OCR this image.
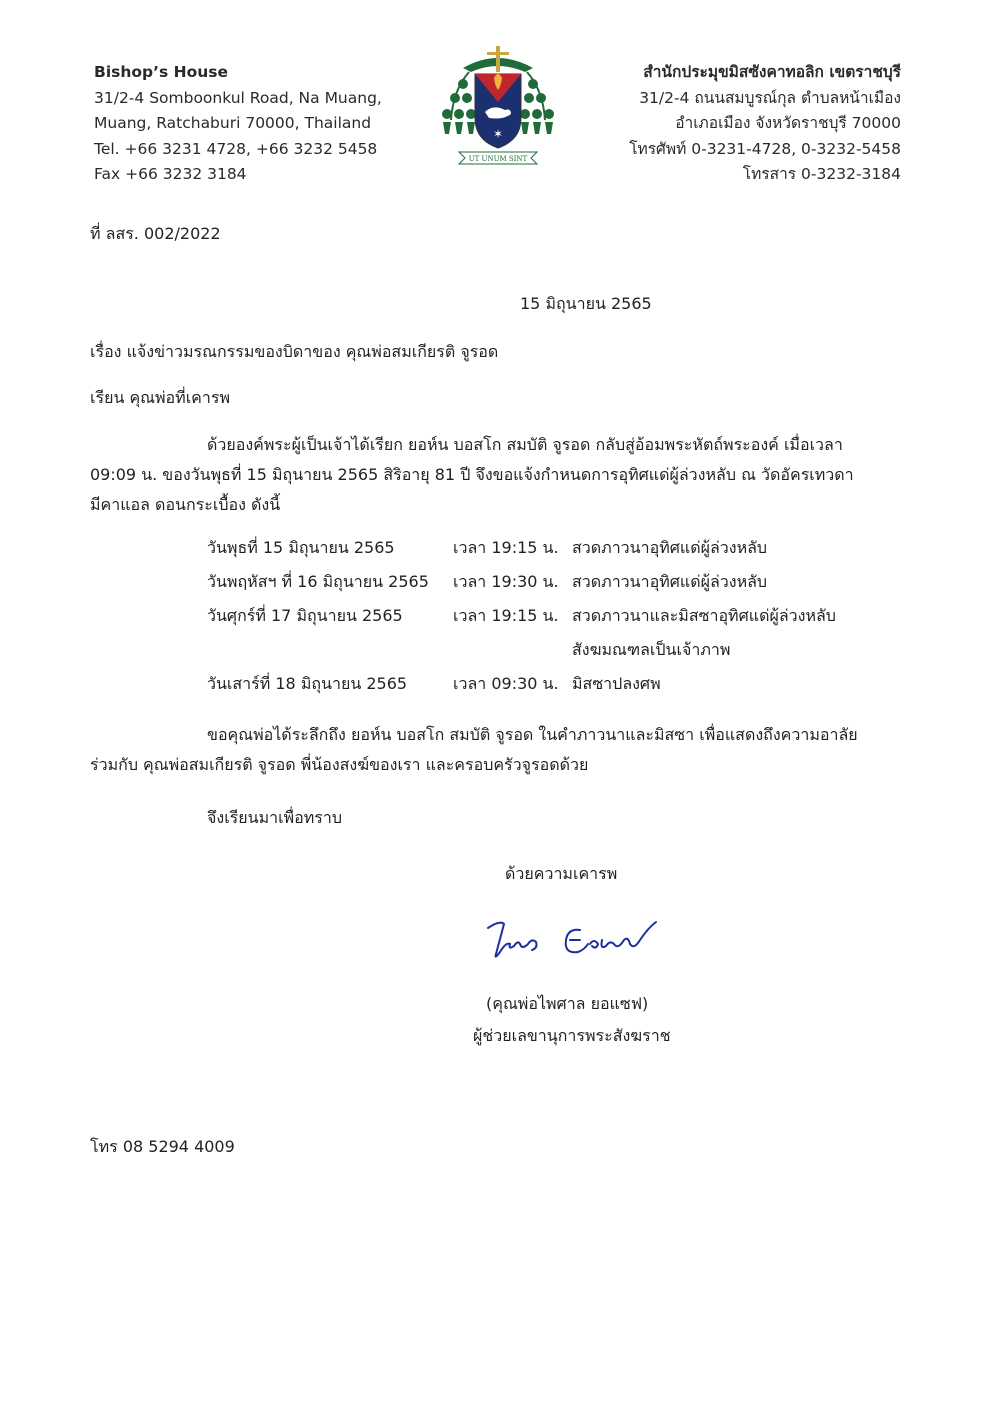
Bishop’s House
31/2-4 Somboonkul Road, Na Muang,
Muang, Ratchaburi 70000, Thailand
Tel. +66 3231 4728, +66 3232 5458
Fax +66 3232 3184
✶
UT UNUM SINT
สำนักประมุขมิสซังคาทอลิก เขตราชบุรี
31/2-4 ถนนสมบูรณ์กุล ตำบลหน้าเมือง
อำเภอเมือง จังหวัดราชบุรี 70000
โทรศัพท์ 0-3231-4728, 0-3232-5458
โทรสาร 0-3232-3184
ที่ ลสร. 002/2022
15 มิถุนายน 2565
เรื่อง แจ้งข่าวมรณกรรมของบิดาของ คุณพ่อสมเกียรติ จูรอด
เรียน คุณพ่อที่เคารพ
ด้วยองค์พระผู้เป็นเจ้าได้เรียก ยอห์น บอสโก สมบัติ จูรอด กลับสู่อ้อมพระหัตถ์พระองค์ เมื่อเวลา
09:09 น. ของวันพุธที่ 15 มิถุนายน 2565 สิริอายุ 81 ปี จึงขอแจ้งกำหนดการอุทิศแด่ผู้ล่วงหลับ ณ วัดอัครเทวดา
มีคาแอล ดอนกระเบื้อง ดังนี้
วันพุธที่ 15 มิถุนายน 2565	เวลา 19:15 น. สวดภาวนาอุทิศแด่ผู้ล่วงหลับ
วันพฤหัสฯ ที่ 16 มิถุนายน 2565 เวลา 19:30 น. สวดภาวนาอุทิศแด่ผู้ล่วงหลับ
วันศุกร์ที่ 17 มิถุนายน 2565	เวลา 19:15 น. สวดภาวนาและมิสซาอุทิศแด่ผู้ล่วงหลับ
สังฆมณฑลเป็นเจ้าภาพ
วันเสาร์ที่ 18 มิถุนายน 2565	เวลา 09:30 น. มิสซาปลงศพ
ขอคุณพ่อได้ระลึกถึง ยอห์น บอสโก สมบัติ จูรอด ในคำภาวนาและมิสซา เพื่อแสดงถึงความอาลัย
ร่วมกับ คุณพ่อสมเกียรติ จูรอด พี่น้องสงฆ์ของเรา และครอบครัวจูรอดด้วย
จึงเรียนมาเพื่อทราบ
ด้วยความเคารพ
(คุณพ่อไพศาล ยอแซฟ)
ผู้ช่วยเลขานุการพระสังฆราช
โทร 08 5294 4009
